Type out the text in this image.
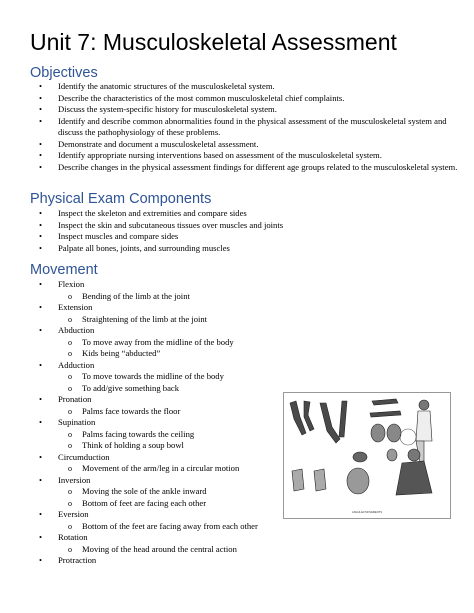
Unit 7: Musculoskeletal Assessment
Objectives
• Identify the anatomic structures of the musculoskeletal system.
• Describe the characteristics of the most common musculoskeletal chief complaints.
• Discuss the system-specific history for musculoskeletal system.
• Identify and describe common abnormalities found in the physical assessment of the musculoskeletal system and discuss the pathophysiology of these problems.
• Demonstrate and document a musculoskeletal assessment.
• Identify appropriate nursing interventions based on assessment of the musculoskeletal system.
• Describe changes in the physical assessment findings for different age groups related to the musculoskeletal system.
Physical Exam Components
• Inspect the skeleton and extremities and compare sides
• Inspect the skin and subcutaneous tissues over muscles and joints
• Inspect muscles and compare sides
• Palpate all bones, joints, and surrounding muscles
Movement
• Flexion
o Bending of the limb at the joint
• Extension
o Straightening of the limb at the joint
• Abduction
o To move away from the midline of the body
o Kids being “abducted”
• Adduction
o To move towards the midline of the body
o To add/give something back
• Pronation
o Palms face towards the floor
• Supination
o Palms facing towards the ceiling
o Think of holding a soup bowl
• Circumduction
o Movement of the arm/leg in a circular motion
• Inversion
o Moving the sole of the ankle inward
o Bottom of feet are facing each other
• Eversion
o Bottom of the feet are facing away from each other
• Rotation
o Moving of the head around the central action
• Protraction
ANGULAR MOVEMENTS
